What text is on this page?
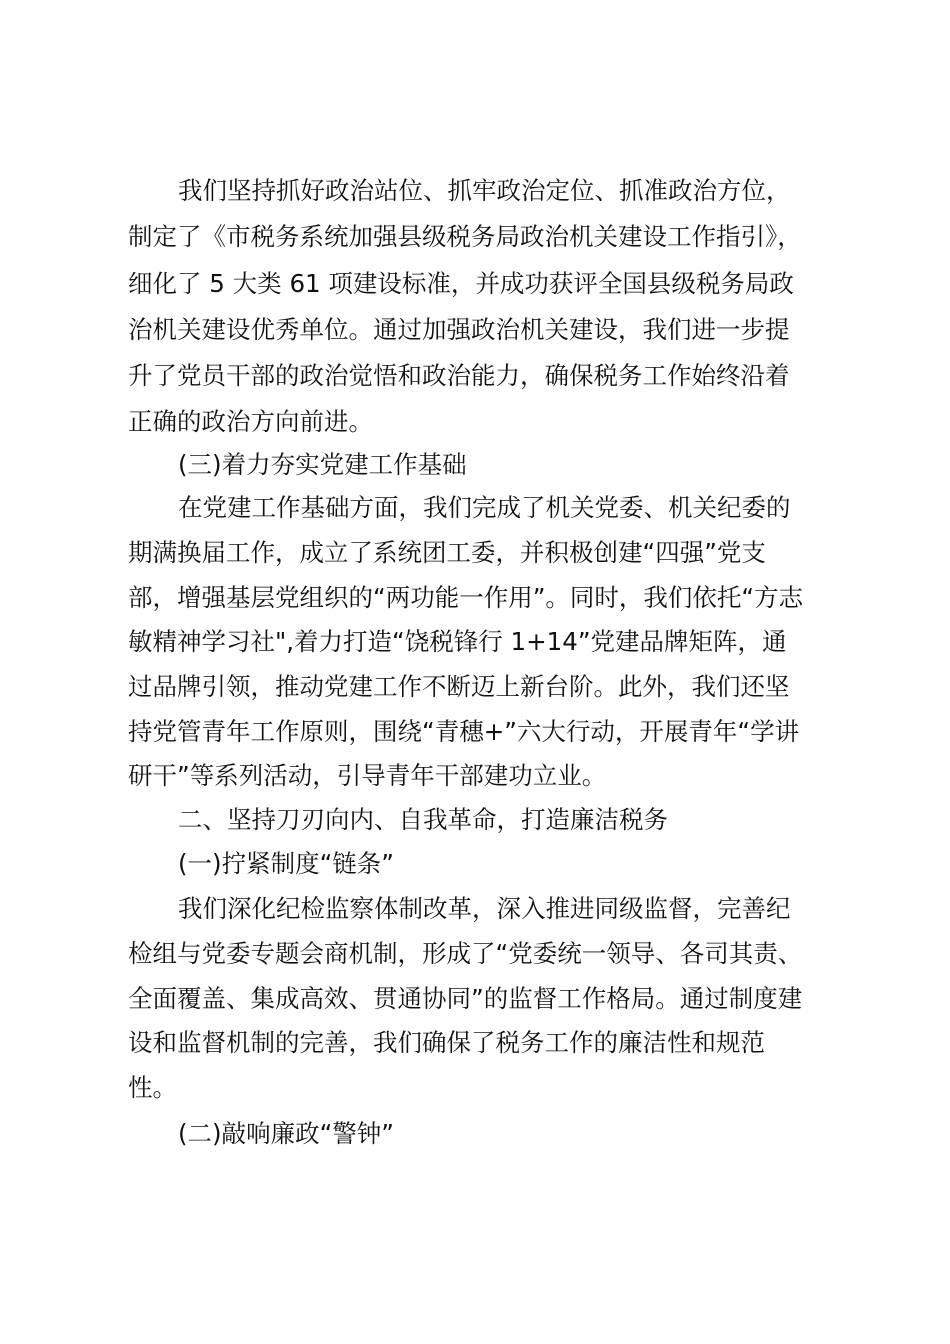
我们坚持抓好政治站位、抓牢政治定位、抓准政治方位，
制定了《市税务系统加强县级税务局政治机关建设工作指引》，
细化了 5 大类 61 项建设标准，并成功获评全国县级税务局政
治机关建设优秀单位。通过加强政治机关建设，我们进一步提
升了党员干部的政治觉悟和政治能力，确保税务工作始终沿着
正确的政治方向前进。
(三)着力夯实党建工作基础
在党建工作基础方面，我们完成了机关党委、机关纪委的
期满换届工作，成立了系统团工委，并积极创建“四强”党支
部，增强基层党组织的“两功能一作用”。同时，我们依托“方志
敏精神学习社",着力打造“饶税锋行 1+14”党建品牌矩阵，通
过品牌引领，推动党建工作不断迈上新台阶。此外，我们还坚
持党管青年工作原则，围绕“青穗+”六大行动，开展青年“学讲
研干”等系列活动，引导青年干部建功立业。
二、坚持刀刃向内、自我革命，打造廉洁税务
(一)拧紧制度“链条”
我们深化纪检监察体制改革，深入推进同级监督，完善纪
检组与党委专题会商机制，形成了“党委统一领导、各司其责、
全面覆盖、集成高效、贯通协同”的监督工作格局。通过制度建
设和监督机制的完善，我们确保了税务工作的廉洁性和规范
性。
(二)敲响廉政“警钟”
